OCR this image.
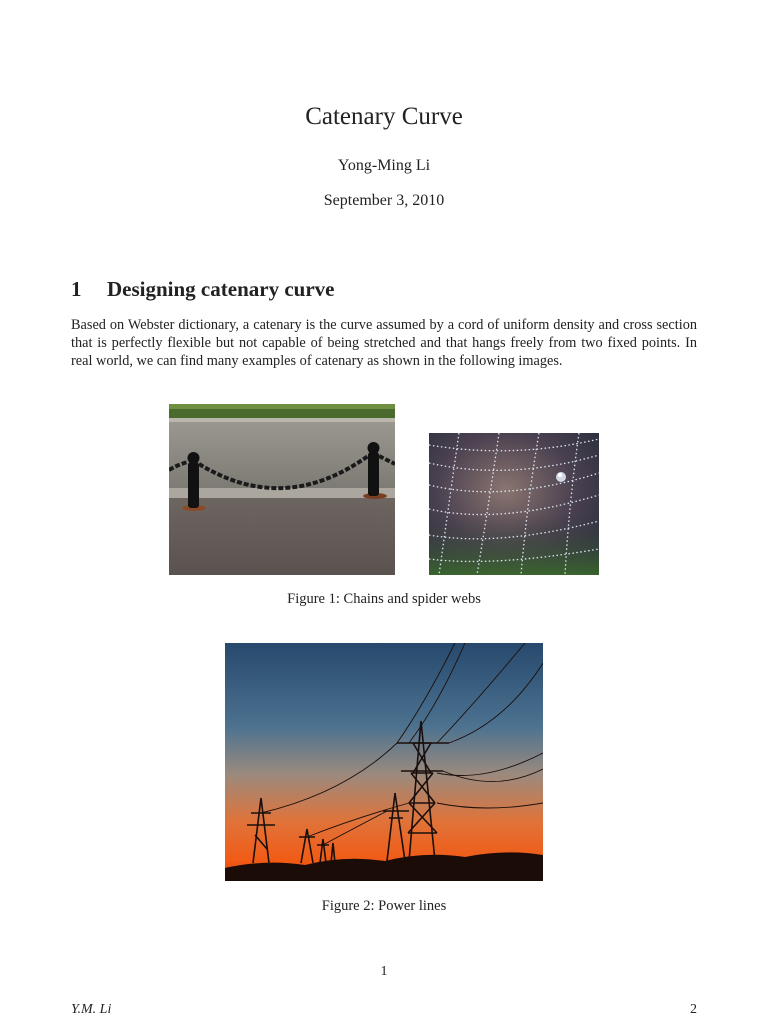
Catenary Curve
Yong-Ming Li
September 3, 2010
1 Designing catenary curve
Based on Webster dictionary, a catenary is the curve assumed by a cord of uniform density and cross section that is perfectly flexible but not capable of being stretched and that hangs freely from two fixed points. In real world, we can find many examples of catenary as shown in the following images.
Figure 1: Chains and spider webs
Figure 2: Power lines
1
Y.M. Li	2
